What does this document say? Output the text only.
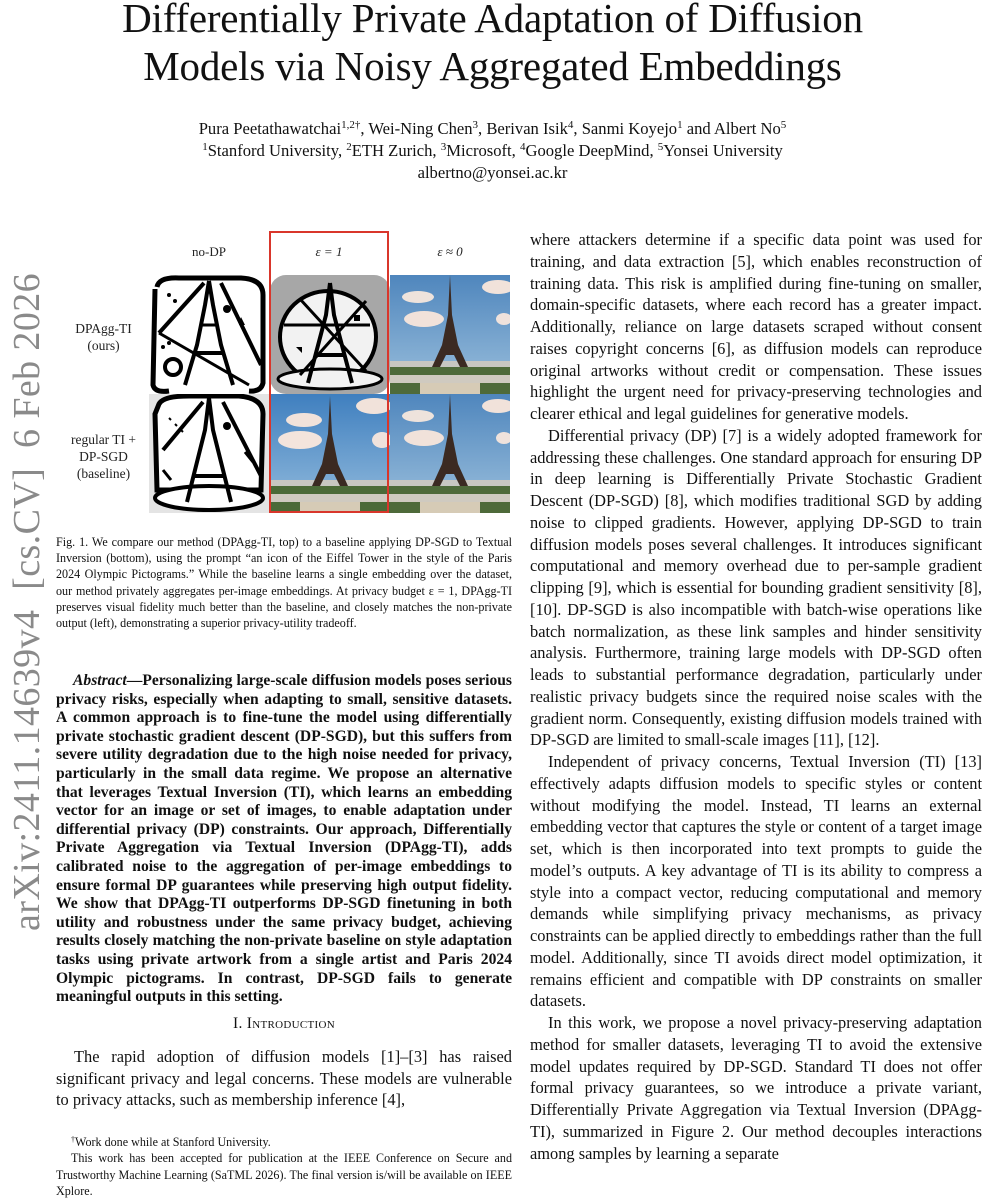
Differentially Private Adaptation of Diffusion
Models via Noisy Aggregated Embeddings
Pura Peetathawatchai$^{1,2\dagger}$, Wei-Ning Chen$^3$, Berivan Isik$^4$, Sanmi Koyejo$^1$ and Albert No$^5$
$^1$Stanford University, $^2$ETH Zurich, $^3$Microsoft, $^4$Google DeepMind, $^5$Yonsei University
albertno@yonsei.ac.kr
arXiv:2411.14639v4  [cs.CV]  6 Feb 2026
no-DP	ε = 1	ε ≈ 0
DPAgg-TI
(ours)
regular TI +
DP-SGD
(baseline)
Fig. 1. We compare our method (DPAgg-TI, top) to a baseline applying DP-SGD to Textual Inversion (bottom), using the prompt “an icon of the Eiffel Tower in the style of the Paris 2024 Olympic Pictograms.” While the baseline learns a single embedding over the dataset, our method privately aggregates per-image embeddings. At privacy budget ε = 1, DPAgg-TI preserves visual fidelity much better than the baseline, and closely matches the non-private output (left), demonstrating a superior privacy-utility tradeoff.

Abstract—Personalizing large-scale diffusion models poses serious privacy risks, especially when adapting to small, sensitive datasets. A common approach is to fine-tune the model using differentially private stochastic gradient descent (DP-SGD), but this suffers from severe utility degradation due to the high noise needed for privacy, particularly in the small data regime. We propose an alternative that leverages Textual Inversion (TI), which learns an embedding vector for an image or set of images, to enable adaptation under differential privacy (DP) constraints. Our approach, Differentially Private Aggregation via Textual Inversion (DPAgg-TI), adds calibrated noise to the aggregation of per-image embeddings to ensure formal DP guarantees while preserving high output fidelity. We show that DPAgg-TI outperforms DP-SGD finetuning in both utility and robustness under the same privacy budget, achieving results closely matching the non-private baseline on style adaptation tasks using private artwork from a single artist and Paris 2024 Olympic pictograms. In contrast, DP-SGD fails to generate meaningful outputs in this setting.

I. Introduction

The rapid adoption of diffusion models [1]–[3] has raised significant privacy and legal concerns. These models are vulnerable to privacy attacks, such as membership inference [4],

†Work done while at Stanford University.

This work has been accepted for publication at the IEEE Conference on Secure and Trustworthy Machine Learning (SaTML 2026). The final version is/will be available on IEEE Xplore.

where attackers determine if a specific data point was used for training, and data extraction [5], which enables reconstruction of training data. This risk is amplified during fine-tuning on smaller, domain-specific datasets, where each record has a greater impact. Additionally, reliance on large datasets scraped without consent raises copyright concerns [6], as diffusion models can reproduce original artworks without credit or compensation. These issues highlight the urgent need for privacy-preserving technologies and clearer ethical and legal guidelines for generative models.

Differential privacy (DP) [7] is a widely adopted framework for addressing these challenges. One standard approach for ensuring DP in deep learning is Differentially Private Stochastic Gradient Descent (DP-SGD) [8], which modifies traditional SGD by adding noise to clipped gradients. However, applying DP-SGD to train diffusion models poses several challenges. It introduces significant computational and memory overhead due to per-sample gradient clipping [9], which is essential for bounding gradient sensitivity [8], [10]. DP-SGD is also incompatible with batch-wise operations like batch normalization, as these link samples and hinder sensitivity analysis. Furthermore, training large models with DP-SGD often leads to substantial performance degradation, particularly under realistic privacy budgets since the required noise scales with the gradient norm. Consequently, existing diffusion models trained with DP-SGD are limited to small-scale images [11], [12].

Independent of privacy concerns, Textual Inversion (TI) [13] effectively adapts diffusion models to specific styles or content without modifying the model. Instead, TI learns an external embedding vector that captures the style or content of a target image set, which is then incorporated into text prompts to guide the model’s outputs. A key advantage of TI is its ability to compress a style into a compact vector, reducing computational and memory demands while simplifying privacy mechanisms, as privacy constraints can be applied directly to embeddings rather than the full model. Additionally, since TI avoids direct model optimization, it remains efficient and compatible with DP constraints on smaller datasets.

In this work, we propose a novel privacy-preserving adaptation method for smaller datasets, leveraging TI to avoid the extensive model updates required by DP-SGD. Standard TI does not offer formal privacy guarantees, so we introduce a private variant, Differentially Private Aggregation via Textual Inversion (DPAgg-TI), summarized in Figure 2. Our method decouples interactions among samples by learning a separate
